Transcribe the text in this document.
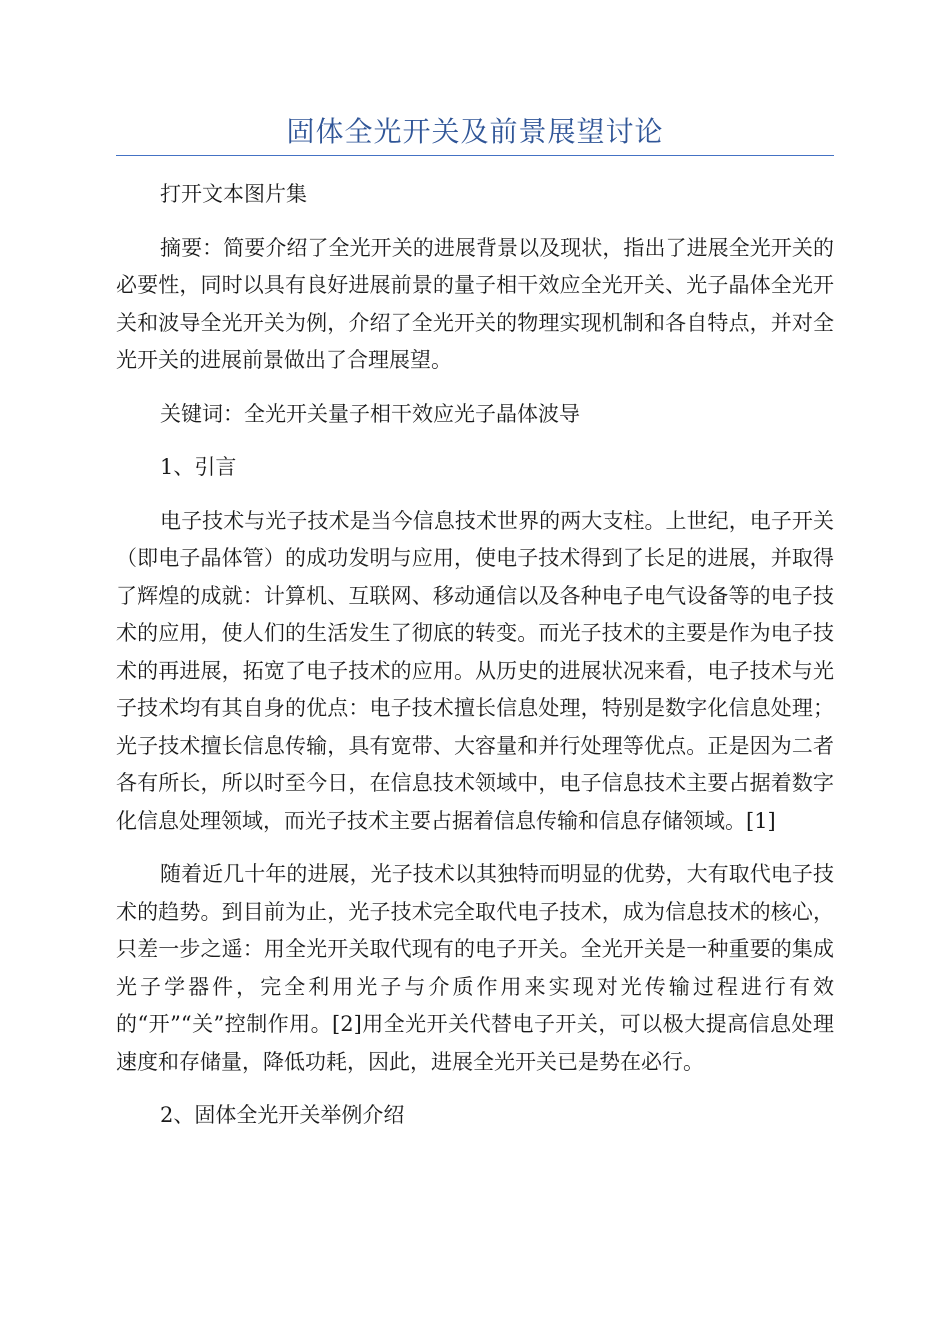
固体全光开关及前景展望讨论

打开文本图片集

摘要：简要介绍了全光开关的进展背景以及现状，指出了进展全光开关的必要性，同时以具有良好进展前景的量子相干效应全光开关、光子晶体全光开关和波导全光开关为例，介绍了全光开关的物理实现机制和各自特点，并对全光开关的进展前景做出了合理展望。

关键词：全光开关量子相干效应光子晶体波导

1、引言

电子技术与光子技术是当今信息技术世界的两大支柱。上世纪，电子开关（即电子晶体管）的成功发明与应用，使电子技术得到了长足的进展，并取得了辉煌的成就：计算机、互联网、移动通信以及各种电子电气设备等的电子技术的应用，使人们的生活发生了彻底的转变。而光子技术的主要是作为电子技术的再进展，拓宽了电子技术的应用。从历史的进展状况来看，电子技术与光子技术均有其自身的优点：电子技术擅长信息处理，特别是数字化信息处理；光子技术擅长信息传输，具有宽带、大容量和并行处理等优点。正是因为二者各有所长，所以时至今日，在信息技术领域中，电子信息技术主要占据着数字化信息处理领域，而光子技术主要占据着信息传输和信息存储领域。[1]

随着近几十年的进展，光子技术以其独特而明显的优势，大有取代电子技术的趋势。到目前为止，光子技术完全取代电子技术，成为信息技术的核心，只差一步之遥：用全光开关取代现有的电子开关。全光开关是一种重要的集成光子学器件，完全利用光子与介质作用来实现对光传输过程进行有效的“开”“关”控制作用。[2]用全光开关代替电子开关，可以极大提高信息处理速度和存储量，降低功耗，因此，进展全光开关已是势在必行。

2、固体全光开关举例介绍
